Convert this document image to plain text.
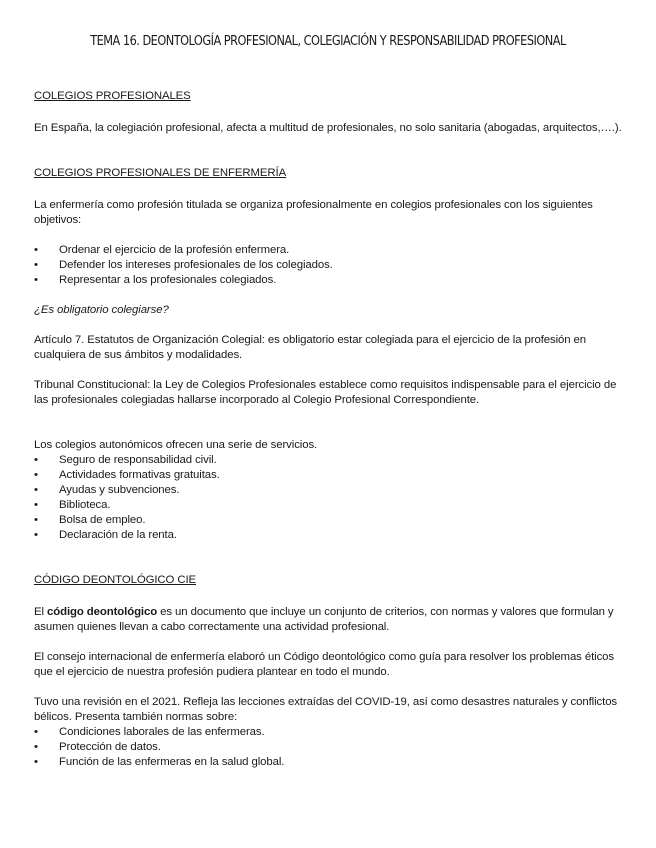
TEMA 16. DEONTOLOGÍA PROFESIONAL, COLEGIACIÓN Y RESPONSABILIDAD PROFESIONAL

COLEGIOS PROFESIONALES

En España, la colegiación profesional, afecta a multitud de profesionales, no solo sanitaria (abogadas, arquitectos,….).

COLEGIOS PROFESIONALES DE ENFERMERÍA

La enfermería como profesión titulada se organiza profesionalmente en colegios profesionales con los siguientes objetivos:

• Ordenar el ejercicio de la profesión enfermera.
• Defender los intereses profesionales de los colegiados.
• Representar a los profesionales colegiados.

¿Es obligatorio colegiarse?

Artículo 7. Estatutos de Organización Colegial: es obligatorio estar colegiada para el ejercicio de la profesión en cualquiera de sus ámbitos y modalidades.

Tribunal Constitucional: la Ley de Colegios Profesionales establece como requisitos indispensable para el ejercicio de las profesionales colegiadas hallarse incorporado al Colegio Profesional Correspondiente.

Los colegios autonómicos ofrecen una serie de servicios.

• Seguro de responsabilidad civil.
• Actividades formativas gratuitas.
• Ayudas y subvenciones.
• Biblioteca.
• Bolsa de empleo.
• Declaración de la renta.

CÓDIGO DEONTOLÓGICO CIE

El código deontológico es un documento que incluye un conjunto de criterios, con normas y valores que formulan y asumen quienes llevan a cabo correctamente una actividad profesional.

El consejo internacional de enfermería elaboró un Código deontológico como guía para resolver los problemas éticos que el ejercicio de nuestra profesión pudiera plantear en todo el mundo.

Tuvo una revisión en el 2021. Refleja las lecciones extraídas del COVID-19, así como desastres naturales y conflictos bélicos. Presenta también normas sobre:

• Condiciones laborales de las enfermeras.
• Protección de datos.
• Función de las enfermeras en la salud global.
